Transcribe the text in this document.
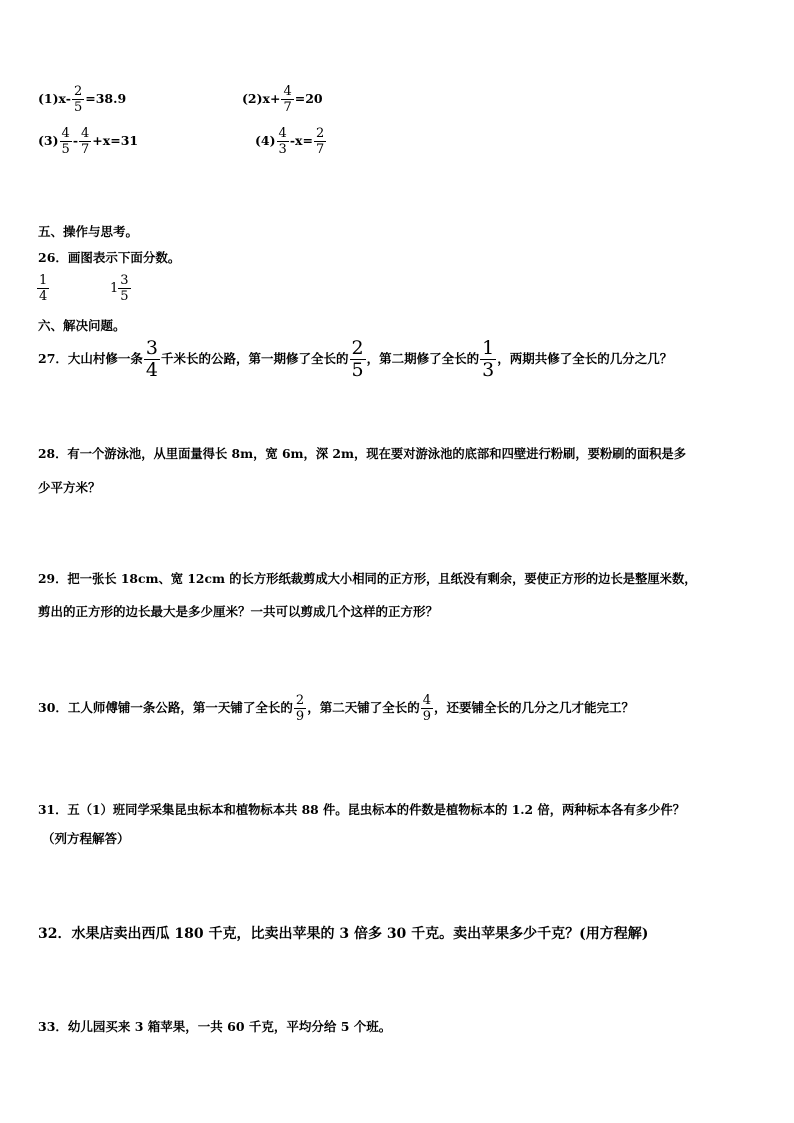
$(1)x- \frac{2}{5} =38.9$	$(2)x+ \frac{4}{7} =20$
$(3) \frac{4}{5} - \frac{4}{7} +x=31$	$(4) \frac{4}{3} -x= \frac{2}{7}$
五、操作与思考。
26．画图表示下面分数。
$\frac{1}{4}$	$1 \frac{3}{5}$
六、解决问题。
27．大山村修一条 $\frac{3}{4}$ 千米长的公路，第一期修了全长的 $\frac{2}{5}$ ，第二期修了全长的 $\frac{1}{3}$ ，两期共修了全长的几分之几？
28．有一个游泳池，从里面量得长 8m，宽 6m，深 2m，现在要对游泳池的底部和四壁进行粉刷，要粉刷的面积是多
少平方米？
29．把一张长 18cm、宽 12cm 的长方形纸裁剪成大小相同的正方形，且纸没有剩余，要使正方形的边长是整厘米数，
剪出的正方形的边长最大是多少厘米？一共可以剪成几个这样的正方形？
30．工人师傅铺一条公路，第一天铺了全长的 $\frac{2}{9}$ ，第二天铺了全长的 $\frac{4}{9}$ ，还要铺全长的几分之几才能完工？
31．五（1）班同学采集昆虫标本和植物标本共 88 件。昆虫标本的件数是植物标本的 1.2 倍，两种标本各有多少件？
（列方程解答）
32．水果店卖出西瓜 180 千克，比卖出苹果的 3 倍多 30 千克。卖出苹果多少千克？(用方程解)
33．幼儿园买来 3 箱苹果，一共 60 千克，平均分给 5 个班。
